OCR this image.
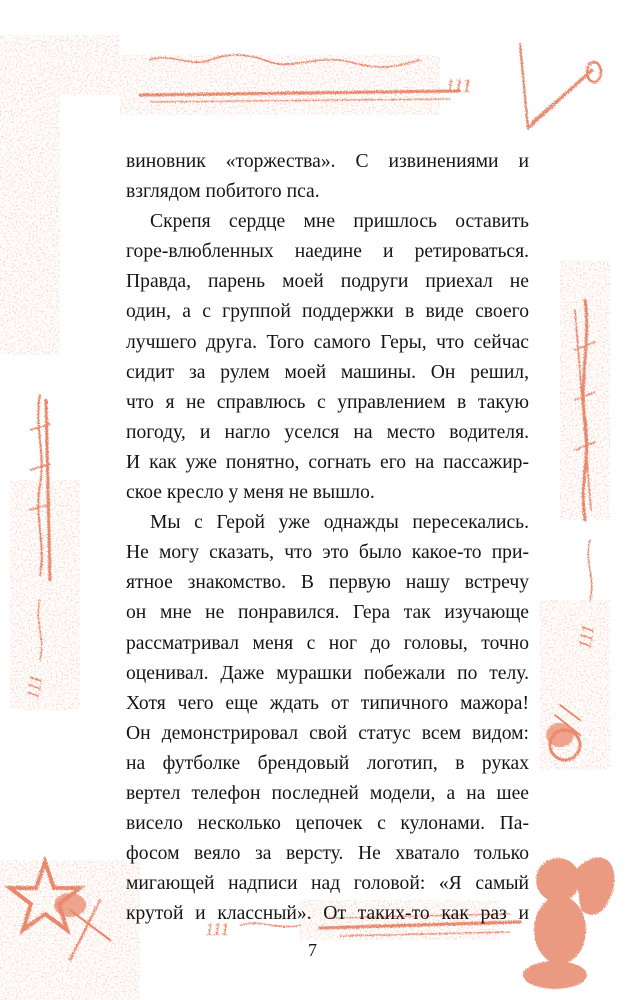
111
111
111
111

виновник «торжества». С извинениями и

взглядом побитого пса.

Скрепя сердце мне пришлось оставить

горе-влюбленных наедине и ретироваться.

Правда, парень моей подруги приехал не

один, а с группой поддержки в виде своего

лучшего друга. Того самого Геры, что сейчас

сидит за рулем моей машины. Он решил,

что я не справлюсь с управлением в такую

погоду, и нагло уселся на место водителя.

И как уже понятно, согнать его на пассажир-

ское кресло у меня не вышло.

Мы с Герой уже однажды пересекались.

Не могу сказать, что это было какое-то при-

ятное знакомство. В первую нашу встречу

он мне не понравился. Гера так изучающе

рассматривал меня с ног до головы, точно

оценивал. Даже мурашки побежали по телу.

Хотя чего еще ждать от типичного мажора!

Он демонстрировал свой статус всем видом:

на футболке брендовый логотип, в руках

вертел телефон последней модели, а на шее

висело несколько цепочек с кулонами. Па-

фосом веяло за версту. Не хватало только

мигающей надписи над головой: «Я самый

крутой и классный». От таких-то как раз и

7
